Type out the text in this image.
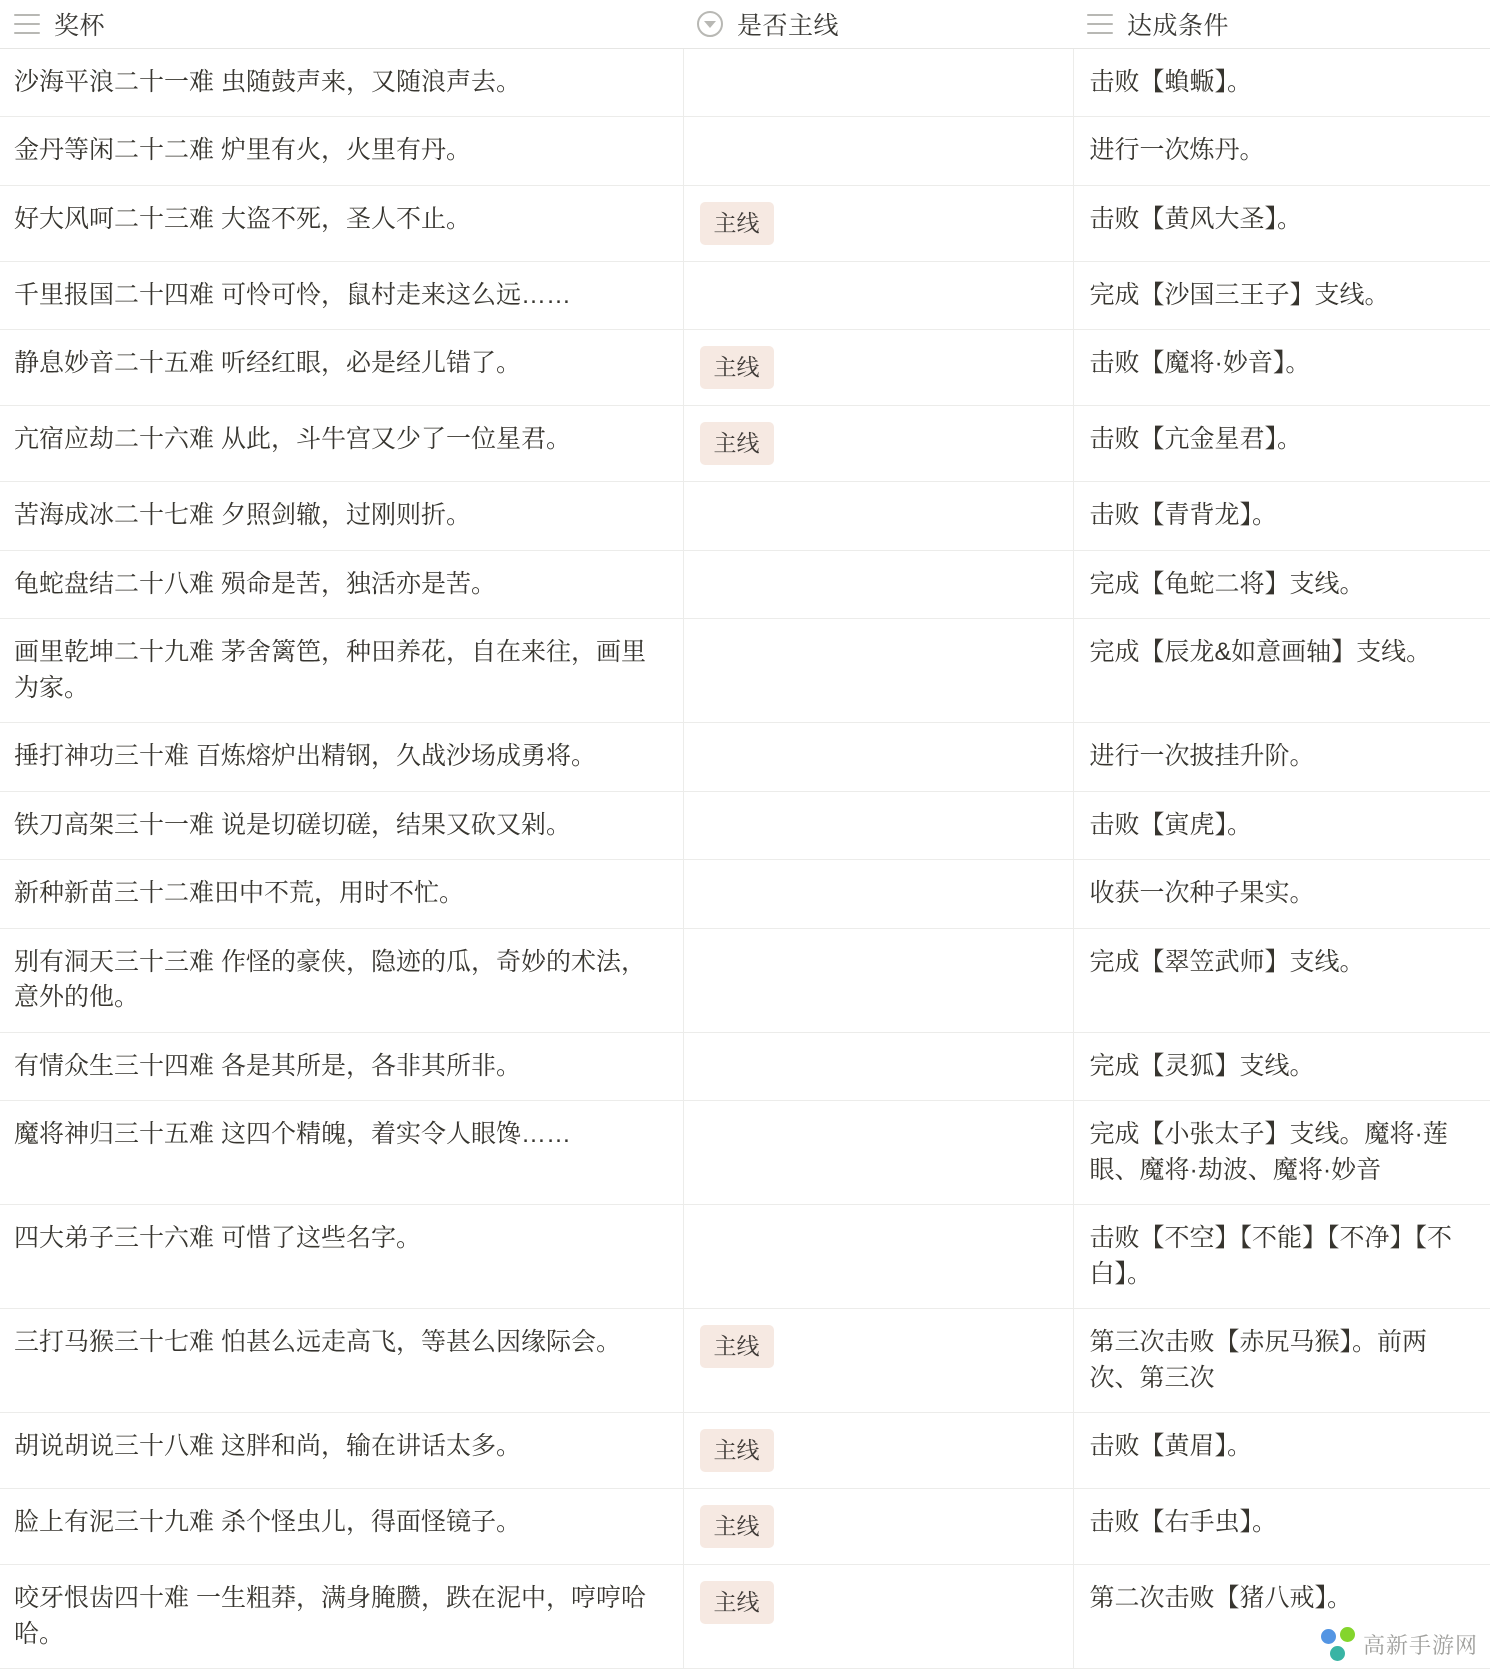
奖杯	是否主线	达成条件

沙海平浪二十一难 虫随鼓声来，又随浪声去。		击败【蝜蝂】。
金丹等闲二十二难 炉里有火，火里有丹。		进行一次炼丹。
好大风呵二十三难 大盗不死，圣人不止。	主线	击败【黄风大圣】。
千里报国二十四难 可怜可怜，鼠村走来这么远……		完成【沙国三王子】支线。
静息妙音二十五难 听经红眼，必是经儿错了。	主线	击败【魔将·妙音】。
亢宿应劫二十六难 从此，斗牛宫又少了一位星君。	主线	击败【亢金星君】。
苦海成冰二十七难 夕照剑辙，过刚则折。		击败【青背龙】。
龟蛇盘结二十八难 殒命是苦，独活亦是苦。		完成【龟蛇二将】支线。
画里乾坤二十九难 茅舍篱笆，种田养花，自在来往，画里为家。		完成【辰龙&如意画轴】支线。
捶打神功三十难 百炼熔炉出精钢，久战沙场成勇将。		进行一次披挂升阶。
铁刀高架三十一难 说是切磋切磋，结果又砍又剁。		击败【寅虎】。
新种新苗三十二难田中不荒，用时不忙。		收获一次种子果实。
别有洞天三十三难 作怪的豪侠，隐迹的瓜，奇妙的术法，意外的他。		完成【翠笠武师】支线。
有情众生三十四难 各是其所是，各非其所非。		完成【灵狐】支线。
魔将神归三十五难 这四个精魄，着实令人眼馋……		完成【小张太子】支线。魔将·莲眼、魔将·劫波、魔将·妙音
四大弟子三十六难 可惜了这些名字。		击败【不空】【不能】【不净】【不白】。
三打马猴三十七难 怕甚么远走高飞，等甚么因缘际会。	主线	第三次击败【赤尻马猴】。前两次、第三次
胡说胡说三十八难 这胖和尚，输在讲话太多。	主线	击败【黄眉】。
脸上有泥三十九难 杀个怪虫儿，得面怪镜子。	主线	击败【右手虫】。
咬牙恨齿四十难 一生粗莽，满身腌臜，跌在泥中，哼哼哈哈。	主线	第二次击败【猪八戒】。
高新手游网
